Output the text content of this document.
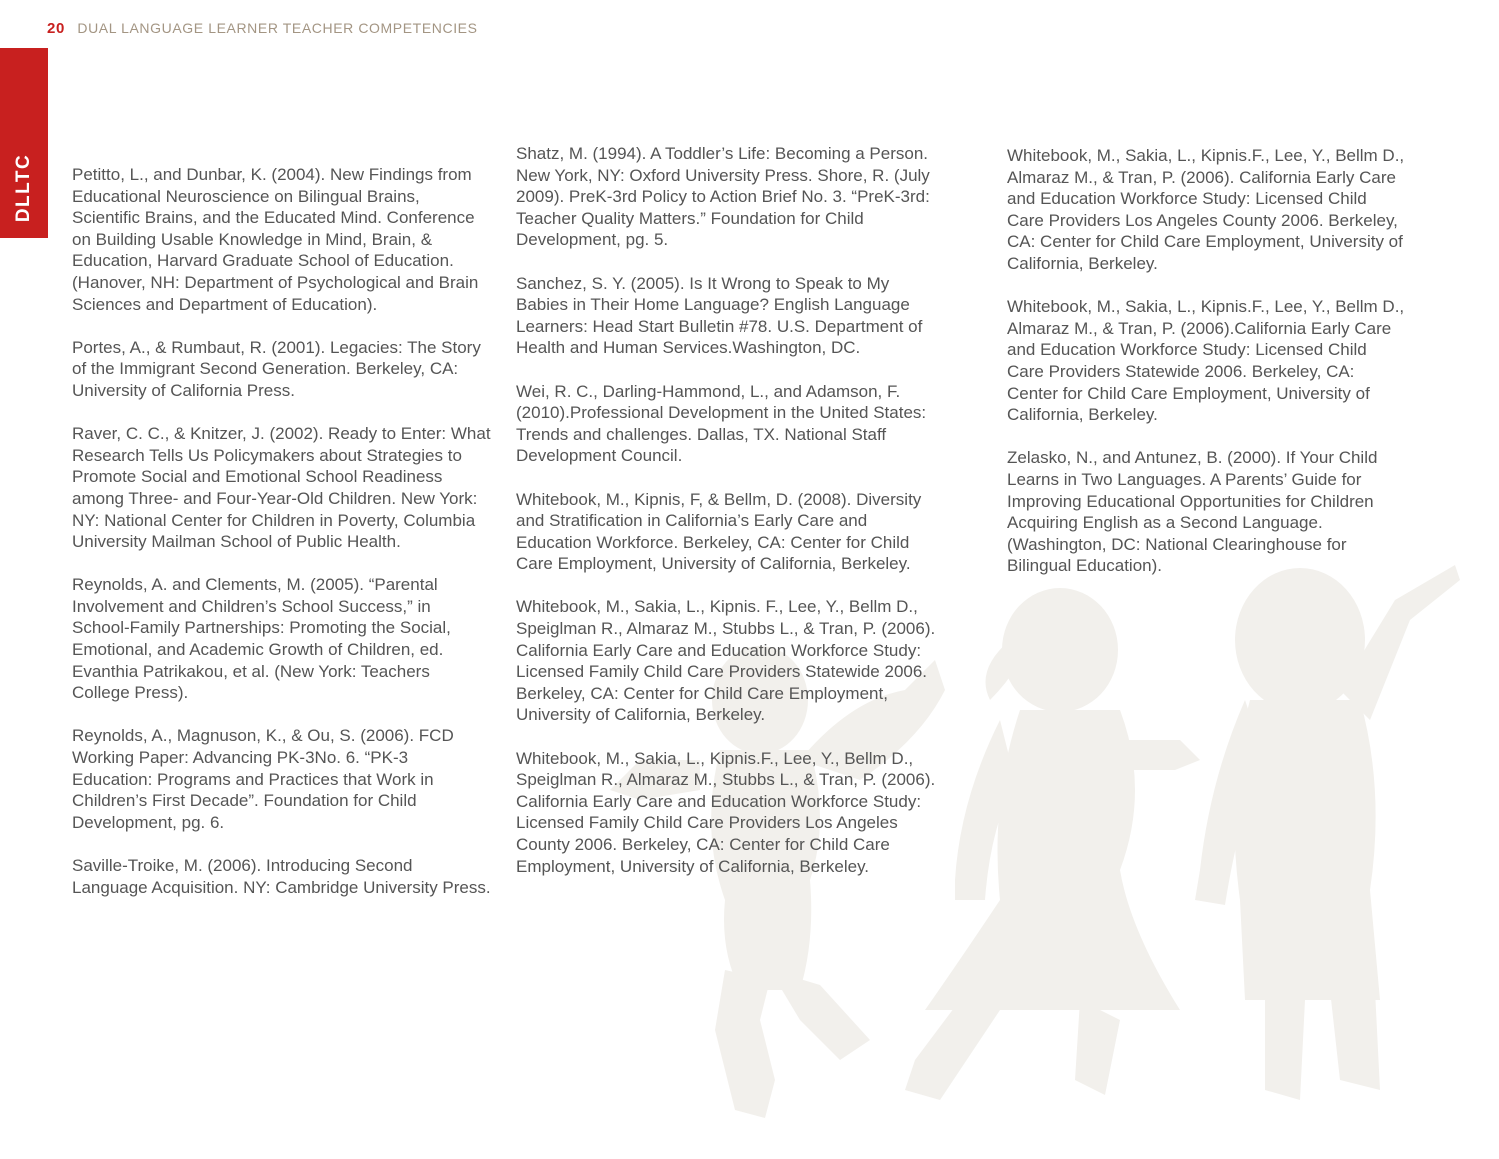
20 DUAL LANGUAGE LEARNER TEACHER COMPETENCIES
DLLTC Petitto, L., and Dunbar, K. (2004). New Findings from Educational Neuroscience on Bilingual Brains, Scientific Brains, and the Educated Mind. Conference on Building Usable Knowledge in Mind, Brain, & Education, Harvard Graduate School of Education. (Hanover, NH: Department of Psychological and Brain Sciences and Department of Education).

Portes, A., & Rumbaut, R. (2001). Legacies: The Story of the Immigrant Second Generation. Berkeley, CA: University of California Press.

Raver, C. C., & Knitzer, J. (2002). Ready to Enter: What Research Tells Us Policymakers about Strategies to Promote Social and Emotional School Readiness among Three- and Four-Year-Old Children. New York: NY: National Center for Children in Poverty, Columbia University Mailman School of Public Health.

Reynolds, A. and Clements, M. (2005). “Parental Involvement and Children’s School Success,” in School-Family Partnerships: Promoting the Social, Emotional, and Academic Growth of Children, ed. Evanthia Patrikakou, et al. (New York: Teachers College Press).

Reynolds, A., Magnuson, K., & Ou, S. (2006). FCD Working Paper: Advancing PK-3No. 6. “PK-3 Education: Programs and Practices that Work in Children’s First Decade”. Foundation for Child Development, pg. 6.

Saville-Troike, M. (2006). Introducing Second Language Acquisition. NY: Cambridge University Press.

Shatz, M. (1994). A Toddler’s Life: Becoming a Person. New York, NY: Oxford University Press. Shore, R. (July 2009). PreK-3rd Policy to Action Brief No. 3. “PreK-3rd: Teacher Quality Matters.” Foundation for Child Development, pg. 5.

Sanchez, S. Y. (2005). Is It Wrong to Speak to My Babies in Their Home Language? English Language Learners: Head Start Bulletin #78. U.S. Department of Health and Human Services.Washington, DC.

Wei, R. C., Darling-Hammond, L., and Adamson, F. (2010).Professional Development in the United States: Trends and challenges. Dallas, TX. National Staff Development Council.

Whitebook, M., Kipnis, F, & Bellm, D. (2008). Diversity and Stratification in California’s Early Care and Education Workforce. Berkeley, CA: Center for Child Care Employment, University of California, Berkeley.

Whitebook, M., Sakia, L., Kipnis. F., Lee, Y., Bellm D., Speiglman R., Almaraz M., Stubbs L., & Tran, P. (2006). California Early Care and Education Workforce Study: Licensed Family Child Care Providers Statewide 2006. Berkeley, CA: Center for Child Care Employment, University of California, Berkeley.

Whitebook, M., Sakia, L., Kipnis.F., Lee, Y., Bellm D., Speiglman R., Almaraz M., Stubbs L., & Tran, P. (2006). California Early Care and Education Workforce Study: Licensed Family Child Care Providers Los Angeles County 2006. Berkeley, CA: Center for Child Care Employment, University of California, Berkeley.

Whitebook, M., Sakia, L., Kipnis.F., Lee, Y., Bellm D., Almaraz M., & Tran, P. (2006). California Early Care and Education Workforce Study: Licensed Child Care Providers Los Angeles County 2006. Berkeley, CA: Center for Child Care Employment, University of California, Berkeley.

Whitebook, M., Sakia, L., Kipnis.F., Lee, Y., Bellm D., Almaraz M., & Tran, P. (2006).California Early Care and Education Workforce Study: Licensed Child Care Providers Statewide 2006. Berkeley, CA: Center for Child Care Employment, University of California, Berkeley.

Zelasko, N., and Antunez, B. (2000). If Your Child Learns in Two Languages. A Parents’ Guide for Improving Educational Opportunities for Children Acquiring English as a Second Language. (Washington, DC: National Clearinghouse for Bilingual Education).
